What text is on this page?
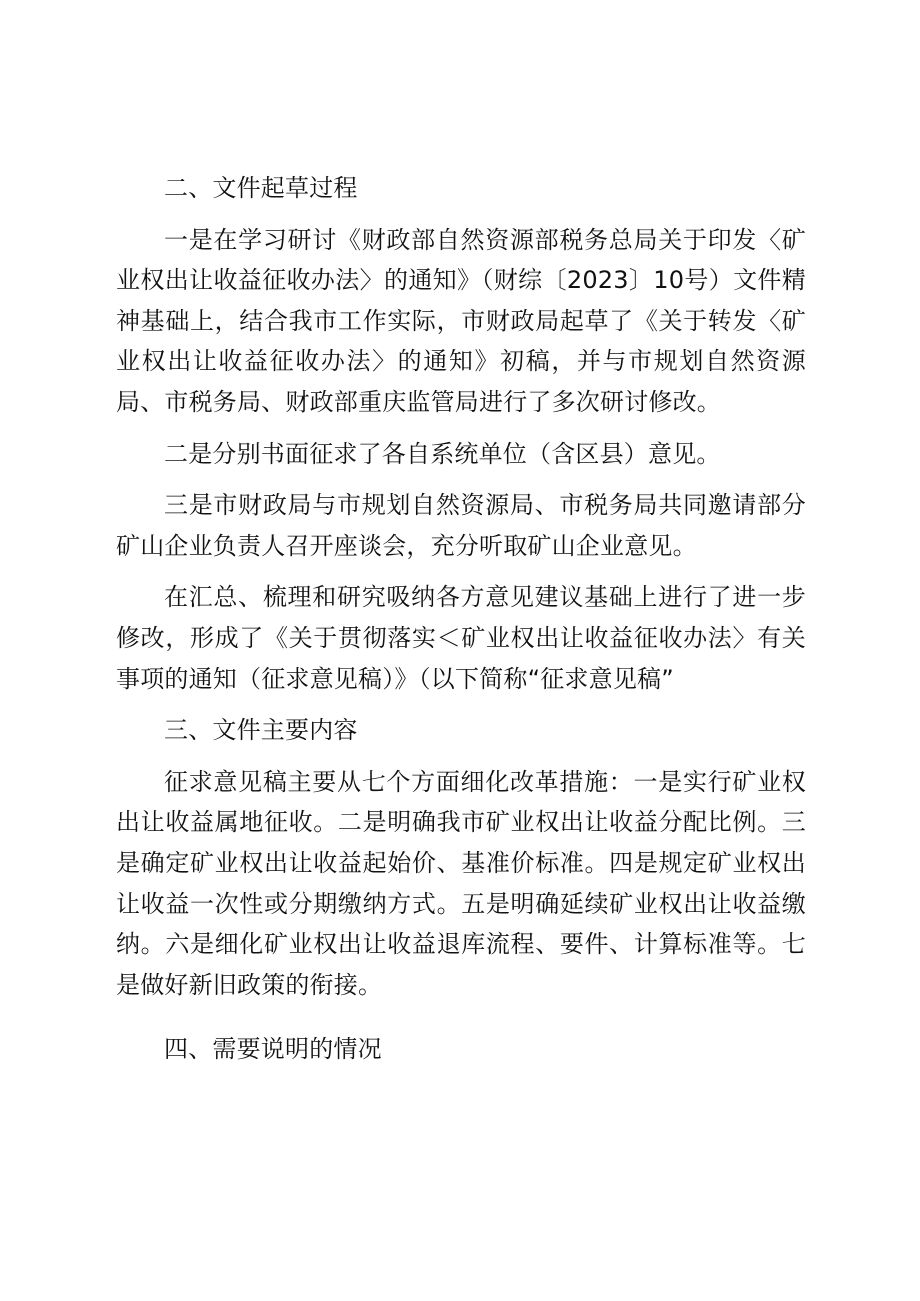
二、文件起草过程

一是在学习研讨《财政部自然资源部税务总局关于印发〈矿业权出让收益征收办法〉的通知》（财综〔2023〕10号）文件精神基础上，结合我市工作实际，市财政局起草了《关于转发〈矿业权出让收益征收办法〉的通知》初稿，并与市规划自然资源局、市税务局、财政部重庆监管局进行了多次研讨修改。

二是分别书面征求了各自系统单位（含区县）意见。

三是市财政局与市规划自然资源局、市税务局共同邀请部分矿山企业负责人召开座谈会，充分听取矿山企业意见。

在汇总、梳理和研究吸纳各方意见建议基础上进行了进一步修改，形成了《关于贯彻落实＜矿业权出让收益征收办法〉有关事项的通知（征求意见稿）》（以下简称“征求意见稿”

三、文件主要内容

征求意见稿主要从七个方面细化改革措施：一是实行矿业权出让收益属地征收。二是明确我市矿业权出让收益分配比例。三是确定矿业权出让收益起始价、基准价标准。四是规定矿业权出让收益一次性或分期缴纳方式。五是明确延续矿业权出让收益缴纳。六是细化矿业权出让收益退库流程、要件、计算标准等。七是做好新旧政策的衔接。

四、需要说明的情况
